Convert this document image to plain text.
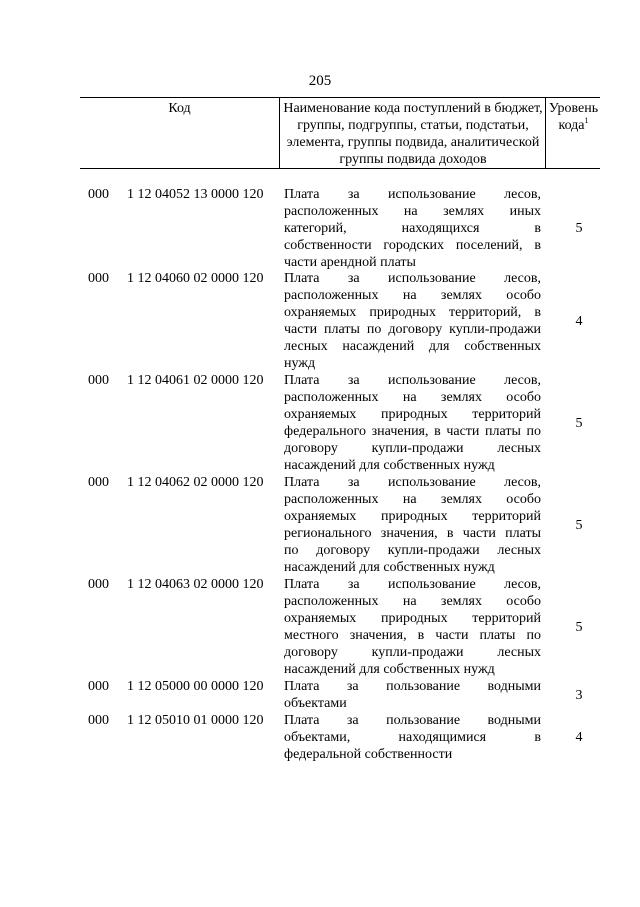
205
Код	Наименование кода поступлений в бюджет, группы, подгруппы, статьи, подстатьи, элемента, группы подвида, аналитической группы подвида доходов
Уровень кода$^1$
000 1 12 04052 13 0000 120 Плата за использование лесов,
расположенных на землях иных
категорий, находящихся в
собственности городских поселений, в
части арендной платы
5
000 1 12 04060 02 0000 120 Плата за использование лесов,
расположенных на землях особо
охраняемых природных территорий, в
части платы по договору купли-продажи
лесных насаждений для собственных
нужд
4
000 1 12 04061 02 0000 120 Плата за использование лесов,
расположенных на землях особо
охраняемых природных территорий
федерального значения, в части платы по
договору купли-продажи лесных
насаждений для собственных нужд
5
000 1 12 04062 02 0000 120 Плата за использование лесов,
расположенных на землях особо
охраняемых природных территорий
регионального значения, в части платы
по договору купли-продажи лесных
насаждений для собственных нужд
5
000 1 12 04063 02 0000 120 Плата за использование лесов,
расположенных на землях особо
охраняемых природных территорий
местного значения, в части платы по
договору купли-продажи лесных
насаждений для собственных нужд
5
000 1 12 05000 00 0000 120 Плата за пользование водными
объектами
3
000 1 12 05010 01 0000 120 Плата за пользование водными
объектами, находящимися в
федеральной собственности
4
